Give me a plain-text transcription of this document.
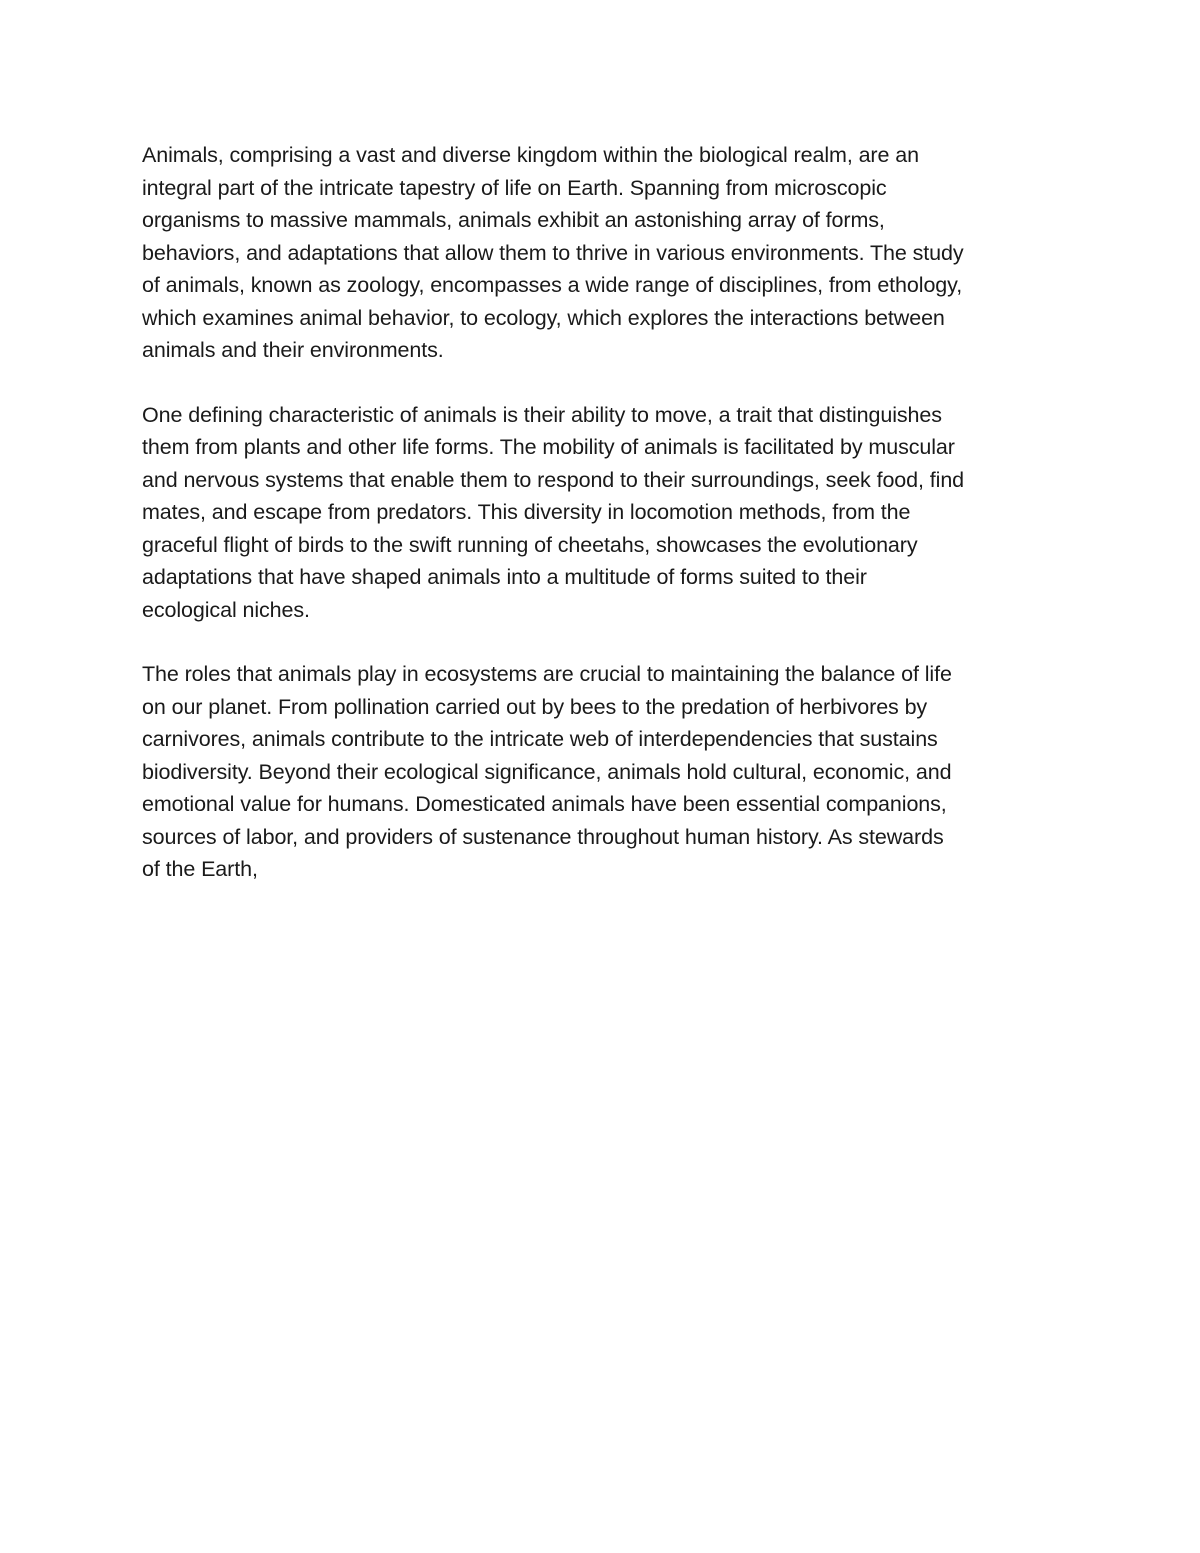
Animals, comprising a vast and diverse kingdom within the biological realm, are an
integral part of the intricate tapestry of life on Earth. Spanning from microscopic
organisms to massive mammals, animals exhibit an astonishing array of forms,
behaviors, and adaptations that allow them to thrive in various environments. The study
of animals, known as zoology, encompasses a wide range of disciplines, from ethology,
which examines animal behavior, to ecology, which explores the interactions between
animals and their environments.

One defining characteristic of animals is their ability to move, a trait that distinguishes
them from plants and other life forms. The mobility of animals is facilitated by muscular
and nervous systems that enable them to respond to their surroundings, seek food, find
mates, and escape from predators. This diversity in locomotion methods, from the
graceful flight of birds to the swift running of cheetahs, showcases the evolutionary
adaptations that have shaped animals into a multitude of forms suited to their
ecological niches.

The roles that animals play in ecosystems are crucial to maintaining the balance of life
on our planet. From pollination carried out by bees to the predation of herbivores by
carnivores, animals contribute to the intricate web of interdependencies that sustains
biodiversity. Beyond their ecological significance, animals hold cultural, economic, and
emotional value for humans. Domesticated animals have been essential companions,
sources of labor, and providers of sustenance throughout human history. As stewards
of the Earth,
